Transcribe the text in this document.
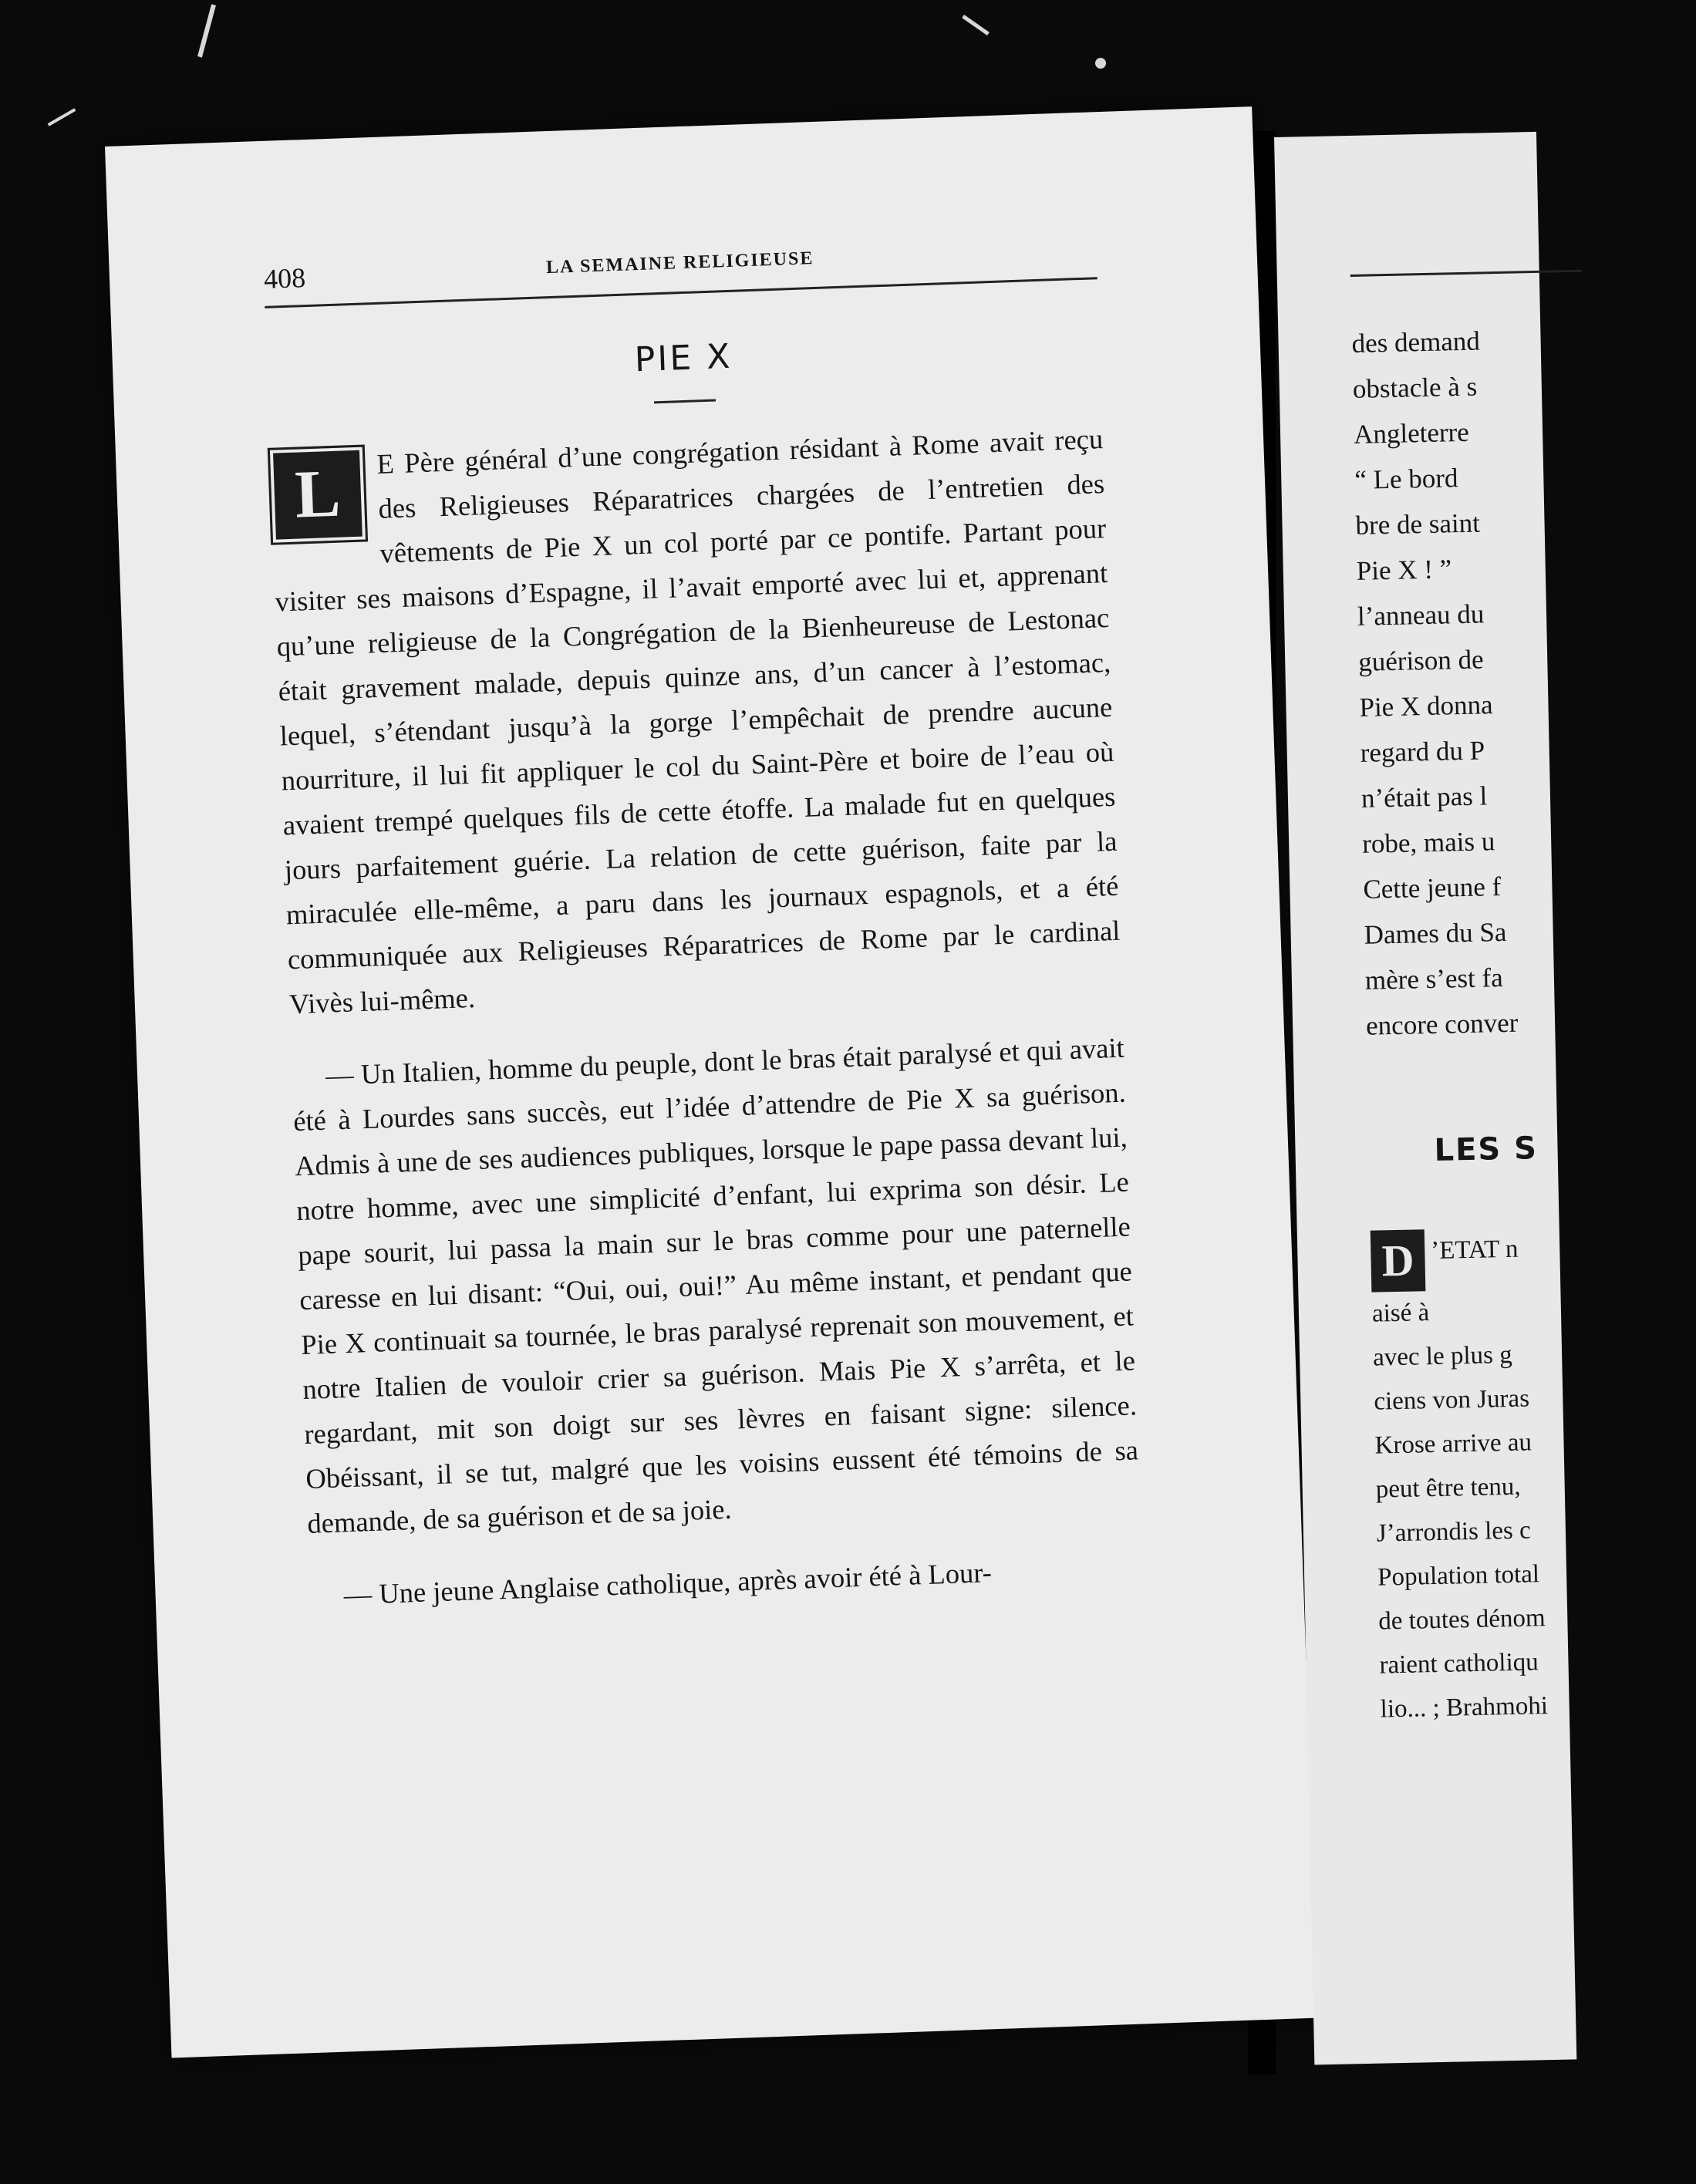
408	LA SEMAINE RELIGIEUSE
PIE X

L
E Père général d’une congrégation résidant à Rome avait reçu des Religieuses Réparatrices chargées de l’entretien des vêtements de Pie X un col porté par ce pontife. Partant pour visiter ses maisons d’Espagne, il l’avait emporté avec lui et, apprenant qu’une religieuse de la Congrégation de la Bienheureuse de Lestonac était gravement malade, depuis quinze ans, d’un cancer à l’estomac, lequel, s’étendant jusqu’à la gorge l’empêchait de prendre aucune nourriture, il lui fit appliquer le col du Saint-Père et boire de l’eau où avaient trempé quelques fils de cette étoffe. La malade fut en quelques jours parfaitement guérie. La relation de cette guérison, faite par la miraculée elle-même, a paru dans les journaux espagnols, et a été communiquée aux Religieuses Réparatrices de Rome par le cardinal Vivès lui-même.

— Un Italien, homme du peuple, dont le bras était paralysé et qui avait été à Lourdes sans succès, eut l’idée d’attendre de Pie X sa guérison. Admis à une de ses audiences publiques, lorsque le pape passa devant lui, notre homme, avec une simplicité d’enfant, lui exprima son désir. Le pape sourit, lui passa la main sur le bras comme pour une paternelle caresse en lui disant: “Oui, oui, oui!” Au même instant, et pendant que Pie X continuait sa tournée, le bras paralysé reprenait son mouvement, et notre Italien de vouloir crier sa guérison. Mais Pie X s’arrêta, et le regardant, mit son doigt sur ses lèvres en faisant signe: silence. Obéissant, il se tut, malgré que les voisins eussent été témoins de sa demande, de sa guérison et de sa joie.

— Une jeune Anglaise catholique, après avoir été à Lour-

des demand
obstacle à s
Angleterre
“ Le bord
bre de saint
Pie X ! ”
l’anneau du
guérison de
Pie X donna
regard du P
n’était pas l
robe, mais u
Cette jeune f
Dames du Sa
mère s’est fa
encore conver
LES S
D ’ETAT n
aisé à
avec le plus g
ciens von Juras
Krose arrive au
peut être tenu,
J’arrondis les c
Population total
de toutes dénom
raient catholiqu
lio... ; Brahmohi
